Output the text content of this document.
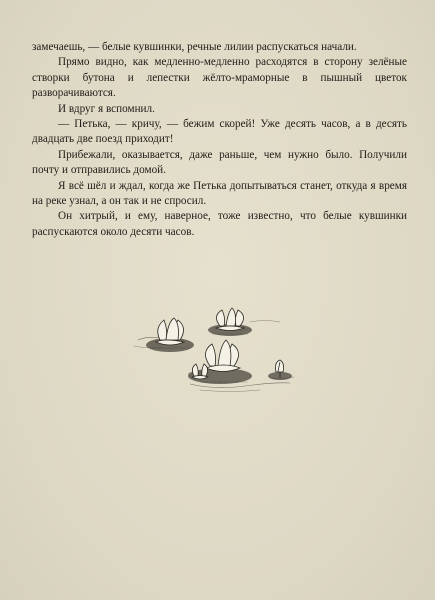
замечаешь, — белые кувшинки, речные лилии распускаться начали.

Прямо видно, как медленно-медленно расходятся в сторону зелёные створки бутона и лепестки жёлто-мраморные в пышный цветок разворачиваются.

И вдруг я вспомнил.

— Петька, — кричу, — бежим скорей! Уже десять часов, а в десять двадцать две поезд приходит!

Прибежали, оказывается, даже раньше, чем нужно было. Получили почту и отправились домой.

Я всё шёл и ждал, когда же Петька допытываться станет, откуда я время на реке узнал, а он так и не спросил.

Он хитрый, и ему, наверное, тоже известно, что белые кувшинки распускаются около десяти часов.
